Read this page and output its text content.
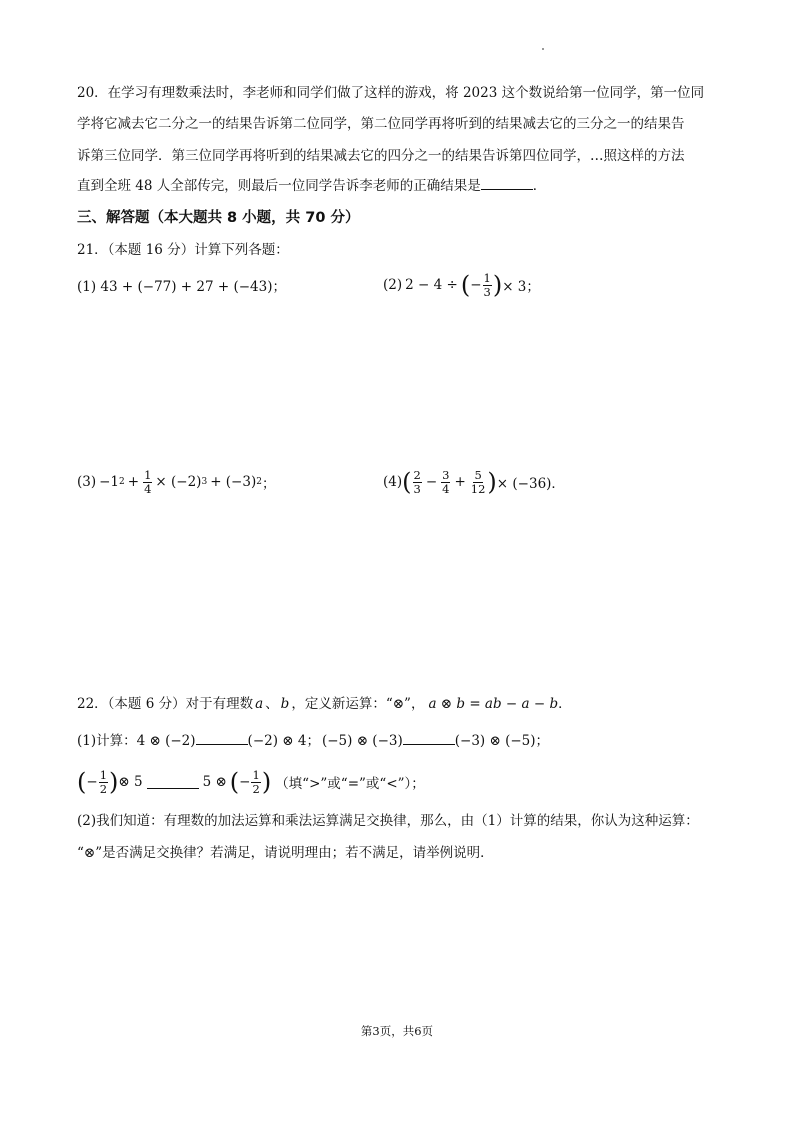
20．在学习有理数乘法时，李老师和同学们做了这样的游戏，将 2023 这个数说给第一位同学，第一位同
学将它减去它二分之一的结果告诉第二位同学，第二位同学再将听到的结果减去它的三分之一的结果告
诉第三位同学．第三位同学再将听到的结果减去它的四分之一的结果告诉第四位同学，…照这样的方法
直到全班 48 人全部传完，则最后一位同学告诉李老师的正确结果是	．
三、解答题（本大题共 8 小题，共 70 分）
21．（本题 16 分）计算下列各题：
(1) 43 + (−77) + 27 + (−43)；	(2) 2 − 4 ÷ ( − $\frac{1}{3}$ ) × 3；
(3) −1 $2 + \frac{1}{4} \times (-2) 3 + (-3)$ 2 ；	(4) ( $\frac{2}{3} - \frac{3}{4} + \frac{5}{12}$ ) × (−36)．
22．（本题 6 分）对于有理数 a 、 b ，定义新运算：“⊗”， a ⊗ b = ab − a − b．
(1)计算：4 ⊗ (−2)	(−2) ⊗ 4； (−5) ⊗ (−3)	(−3) ⊗ (−5)；
( − $\frac{1}{2}$ ) ⊗ 5	5 ⊗ ( − $\frac{1}{2}$ ) （填“>”或“=”或“<”）；
(2)我们知道：有理数的加法运算和乘法运算满足交换律，那么，由（1）计算的结果，你认为这种运算：
“⊗”是否满足交换律？若满足，请说明理由；若不满足，请举例说明．
第3页，共6页
